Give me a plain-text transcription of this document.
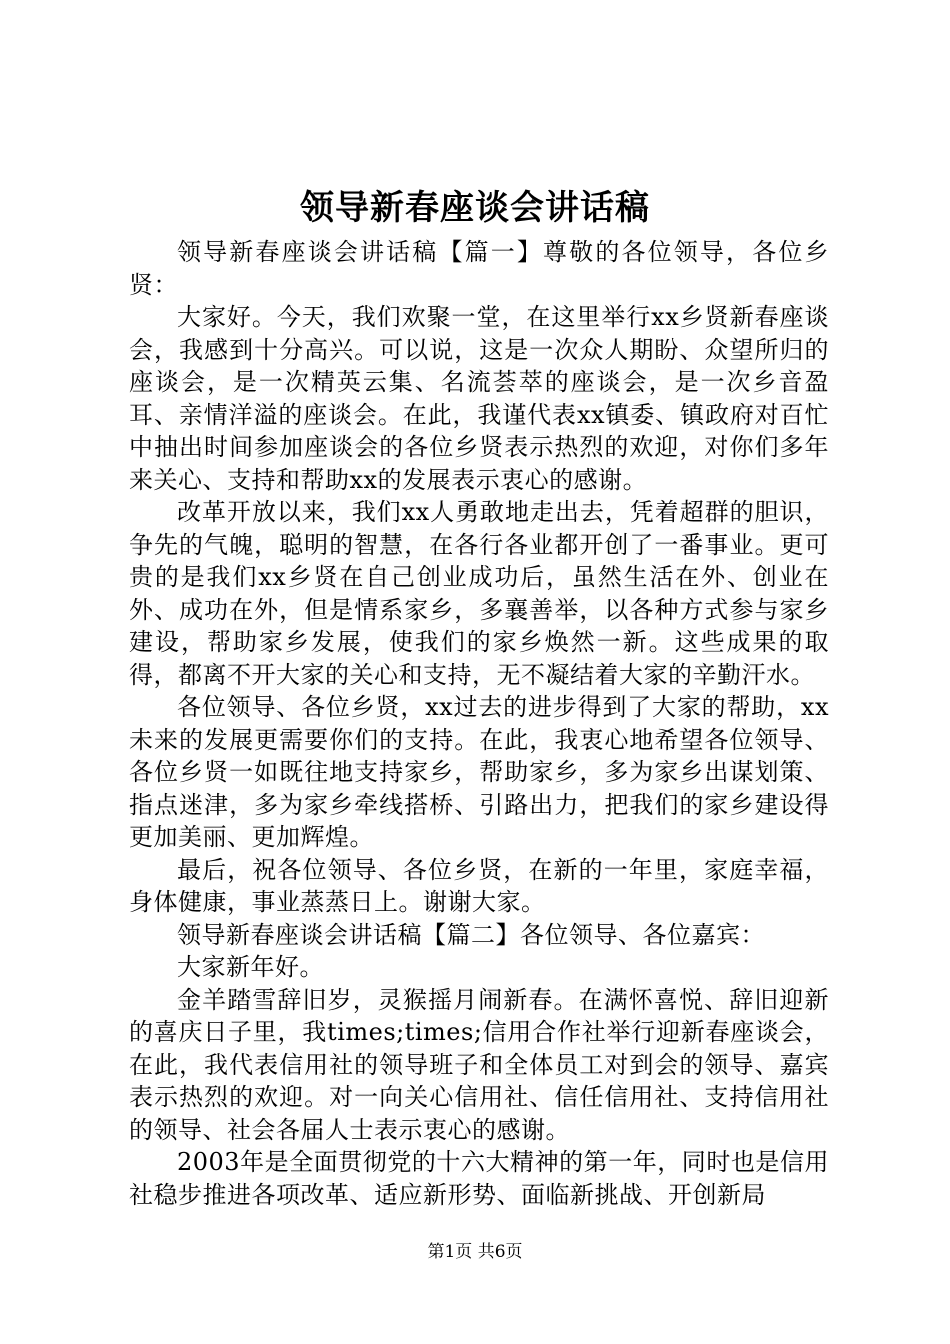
领导新春座谈会讲话稿

领导新春座谈会讲话稿【篇一】尊敬的各位领导，各位乡贤：

大家好。今天，我们欢聚一堂，在这里举行xx乡贤新春座谈会，我感到十分高兴。可以说，这是一次众人期盼、众望所归的座谈会，是一次精英云集、名流荟萃的座谈会，是一次乡音盈耳、亲情洋溢的座谈会。在此，我谨代表xx镇委、镇政府对百忙中抽出时间参加座谈会的各位乡贤表示热烈的欢迎，对你们多年来关心、支持和帮助xx的发展表示衷心的感谢。

改革开放以来，我们xx人勇敢地走出去，凭着超群的胆识，争先的气魄，聪明的智慧，在各行各业都开创了一番事业。更可贵的是我们xx乡贤在自己创业成功后，虽然生活在外、创业在外、成功在外，但是情系家乡，多襄善举，以各种方式参与家乡建设，帮助家乡发展，使我们的家乡焕然一新。这些成果的取得，都离不开大家的关心和支持，无不凝结着大家的辛勤汗水。

各位领导、各位乡贤，xx过去的进步得到了大家的帮助，xx未来的发展更需要你们的支持。在此，我衷心地希望各位领导、各位乡贤一如既往地支持家乡，帮助家乡，多为家乡出谋划策、指点迷津，多为家乡牵线搭桥、引路出力，把我们的家乡建设得更加美丽、更加辉煌。

最后，祝各位领导、各位乡贤，在新的一年里，家庭幸福，身体健康，事业蒸蒸日上。谢谢大家。

领导新春座谈会讲话稿【篇二】各位领导、各位嘉宾：

大家新年好。

金羊踏雪辞旧岁，灵猴摇月闹新春。在满怀喜悦、辞旧迎新的喜庆日子里，我times;times;信用合作社举行迎新春座谈会，在此，我代表信用社的领导班子和全体员工对到会的领导、嘉宾表示热烈的欢迎。对一向关心信用社、信任信用社、支持信用社的领导、社会各届人士表示衷心的感谢。

2003年是全面贯彻党的十六大精神的第一年，同时也是信用社稳步推进各项改革、适应新形势、面临新挑战、开创新局

第1页 共6页
